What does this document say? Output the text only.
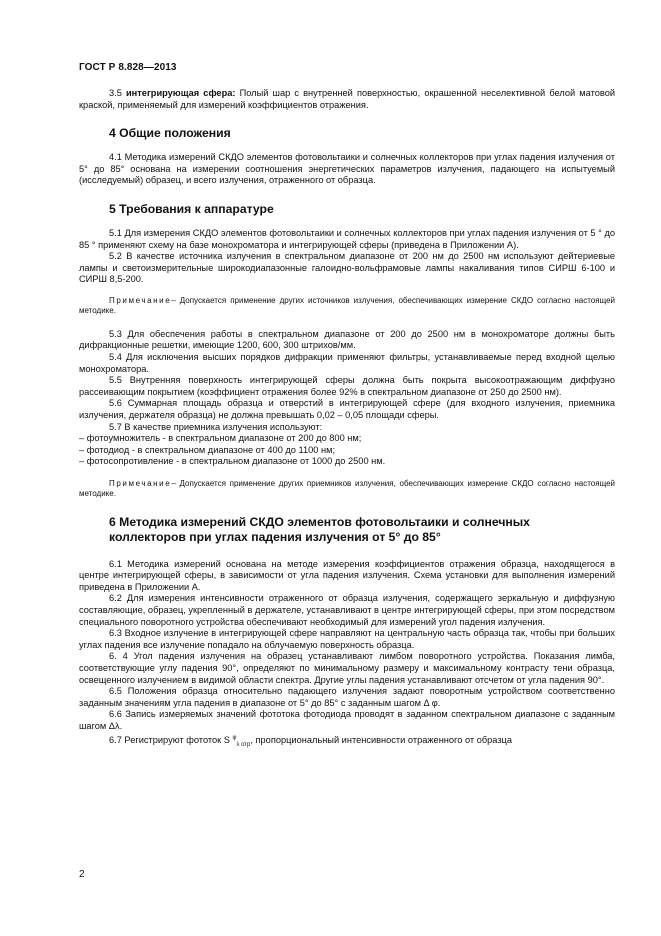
ГОСТ Р 8.828—2013

3.5 интегрирующая сфера: Полый шар с внутренней поверхностью, окрашенной неселективной белой матовой краской, применяемый для измерений коэффициентов отражения.

4 Общие положения

4.1 Методика измерений СКДО элементов фотовольтаики и солнечных коллекторов при углах падения излучения от 5° до 85° основана на измерении соотношения энергетических параметров излучения, падающего на испытуемый (исследуемый) образец, и всего излучения, отраженного от образца.

5 Требования к аппаратуре

5.1 Для измерения СКДО элементов фотовольтаики и солнечных коллекторов при углах падения излучения от 5 ° до 85 ° применяют схему на базе монохроматора и интегрирующей сферы (приведена в Приложении А).

5.2 В качестве источника излучения в спектральном диапазоне от 200 нм до 2500 нм используют дейтериевые лампы и светоизмерительные широкодиапазонные галоидно-вольфрамовые лампы накаливания типов СИРШ 6-100 и СИРШ 8,5-200.

Примечание– Допускается применение других источников излучения, обеспечивающих измерение СКДО согласно настоящей методике.

5.3 Для обеспечения работы в спектральном диапазоне от 200 до 2500 нм в монохроматоре должны быть дифракционные решетки, имеющие 1200, 600, 300 штрихов/мм.

5.4 Для исключения высших порядков дифракции применяют фильтры, устанавливаемые перед входной щелью монохроматора.

5.5 Внутренняя поверхность интегрирующей сферы должна быть покрыта высокоотражающим диффузно рассеивающим покрытием (коэффициент отражения более 92% в спектральном диапазоне от 250 до 2500 нм).

5.6 Суммарная площадь образца и отверстий в интегрирующей сфере (для входного излучения, приемника излучения, держателя образца) не должна превышать 0,02 – 0,05 площади сферы.

5.7 В качестве приемника излучения используют:

– фотоумножитель - в спектральном диапазоне от 200 до 800 нм;

– фотодиод - в спектральном диапазоне от 400 до 1100 нм;

– фотосопротивление - в спектральном диапазоне от 1000 до 2500 нм.

Примечание– Допускается применение других приемников излучения, обеспечивающих измерение СКДО согласно настоящей методике.
6 Методика измерений СКДО элементов фотовольтаики и солнечных
коллекторов при углах падения излучения от 5° до 85°

6.1 Методика измерений основана на методе измерения коэффициентов отражения образца, находящегося в центре интегрирующей сферы, в зависимости от угла падения излучения. Схема установки для выполнения измерений приведена в Приложении А.

6.2 Для измерения интенсивности отраженного от образца излучения, содержащего зеркальную и диффузную составляющие, образец, укрепленный в держателе, устанавливают в центре интегрирующей сферы, при этом посредством специального поворотного устройства обеспечивают необходимый для измерений угол падения излучения.

6.3 Входное излучение в интегрирующей сфере направляют на центральную часть образца так, чтобы при больших углах падения все излучение попадало на облучаемую поверхность образца.

6. 4 Угол падения излучения на образец устанавливают лимбом поворотного устройства. Показания лимба, соответствующие углу падения 90°, определяют по минимальному размеру и максимальному контрасту тени образца, освещенного излучением в видимой области спектра. Другие углы падения устанавливают отсчетом от угла падения 90°.

6.5 Положения образца относительно падающего излучения задают поворотным устройством соответственно заданным значениям угла падения в диапазоне от 5° до 85° с заданным шагом Δ φ.

6.6 Запись измеряемых значений фототока фотодиода проводят в заданном спектральном диапазоне с заданным шагом Δλ.

6.7 Регистрируют фототок S $^\varphi_{\lambda отр}$, пропорциональный интенсивности отраженного от образца

2
